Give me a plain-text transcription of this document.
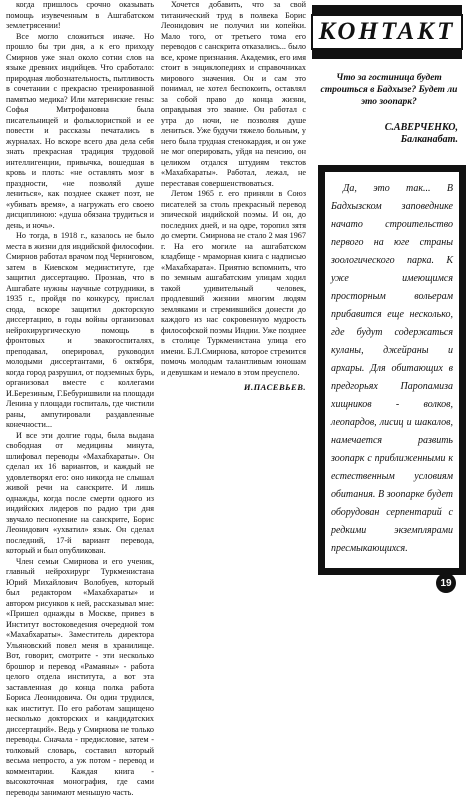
когда пришлось срочно оказывать помощь изувеченным в Ашгабатском землетрясении!

Все могло сложиться иначе. Но прошло бы три дня, а к его приходу Смирнов уже знал около сотни слов на языке древних индийцев. Что сработало: природная любознательность, пытливость в сочетании с прекрасно тренированной памятью медика? Или материнские гены: Софья Митрофановна была писательницей и фольклористкой и ее повести и рассказы печатались в журналах. Но вскоре всего два дела себя знать прекрасная традиция трудовой интеллигенции, привычка, вошедшая в кровь и плоть: «не оставлять мозг в праздности, «не позволяй душе лениться», как позднее скажет поэт, не «убивать время», а нагружать его своею дисциплиною: «душа обязана трудиться и день, и ночь».

Но тогда, в 1918 г., казалось не было места в жизни для индийской философии. Смирнов работал врачом под Черниговом, затем в Киевском мединституте, где защитил диссертацию. Прознав, что в Ашгабате нужны научные сотрудники, в 1935 г., пройдя по конкурсу, прислал сюда, вскоре защитил докторскую диссертацию, в годы войны организовал нейрохирургическую помощь в фронтовых и эвакогоспиталях, преподавал, оперировал, руководил молодыми диссертантами, 6 октября, когда город разрушил, от подземных бурь, организовал вместе с коллегами И.Березиным, Г.Бебуришвили на площади Ленина у площади госпиталь, где чистили раны, ампутировали раздавленные конечности...

И все эти долгие годы, была выдана свободная от медицины минута, шлифовал переводы «Махабхараты». Он сделал их 16 вариантов, и каждый не удовлетворял его: оно никогда не слышал живой речи на санскрите. И лишь однажды, когда после смерти одного из индийских лидеров по радио три дня звучало песнопение на санскрите, Борис Леонидович «ухватил» язык. Он сделал последний, 17-й вариант перевода, который и был опубликован.

Член семьи Смирнова и его ученик, главный нейрохирург Туркменистана Юрий Михайлович Волобуев, который был редактором «Махабхараты» и автором рисунков к ней, рассказывал мне: «Пришел однажды в Москве, привез в Институт востоковедения очередной том «Махабхараты». Заместитель директора Ульяновский повел меня в хранилище. Вот, говорит, смотрите - эти несколько брошюр и перевод «Рамаяны» - работа целого отдела института, а вот эта заставленная до конца полка работа Бориса Леонидовича. Он один трудился, как институт. По его работам защищено несколько докторских и кандидатских диссертаций». Ведь у Смирнова не только переводы. Сначала - предисловие, затем - толковый словарь, составил который весьма непросто, а уж потом - перевод и комментарии. Каждая книга - высокоточная монография, где сами переводы занимают меньшую часть.

Хочется добавить, что за свой титанический труд в полвека Борис Леонидович не получил ни копейки. Мало того, от третьего тома его переводов с санскрита отказались... было все, кроме признания. Академик, его имя стоит в энциклопедиях и справочниках мирового значения. Он и сам это понимал, не хотел беспокоить, оставлял за собой право до конца жизни, оправдывая это звание. Он работал с утра до ночи, не позволяя душе лениться. Уже будучи тяжело больным, у него была трудная стенокардия, и он уже не мог оперировать, уйдя на пенсию, он целиком отдался штудиям текстов «Махабхараты». Работал, лежал, не переставая совершенствоваться.

Летом 1965 г. его приняли в Союз писателей за столь прекрасный перевод эпической индийской поэмы. И он, до последних дней, и на одре, торопил зятя до смерти. Смирнова не стало 2 мая 1967 г. На его могиле на ашгабатском кладбище - мраморная книга с надписью «Махабхарата». Приятно вспомнить, что по земным ашгабатским улицам ходил такой удивительный человек, продлевший жизнии многим людям земляками и стремившийся донести до каждого из нас сокровенную мудрость философской поэмы Индии. Уже позднее в столице Туркменистана улица его имени. Б.Л.Смирнова, которое стремится помочь молодым талантливым юношам и девушкам и немало в этом преуспело.

И.ПАСЕВЬЕВ.
КОНТАКТ
Что за гостиница будет строиться в Бадхызе? Будет ли это зоопарк?
С.АВЕРЧЕНКО,
Балканабат.

Да, это так... В Бадхызском заповеднике начато строительство первого на юге страны зоологического парка. К уже имеющимся просторным вольерам прибавится еще несколько, где будут содержаться куланы, джейраны и архары. Для обитающих в предгорьях Паропамиза хищников - волков, леопардов, лисиц и шакалов, намечается развить зоопарк с приближенными к естественным условиям обитания. В зоопарке будет оборудован серпентарий с редкими экземплярами пресмыкающихся.

19
